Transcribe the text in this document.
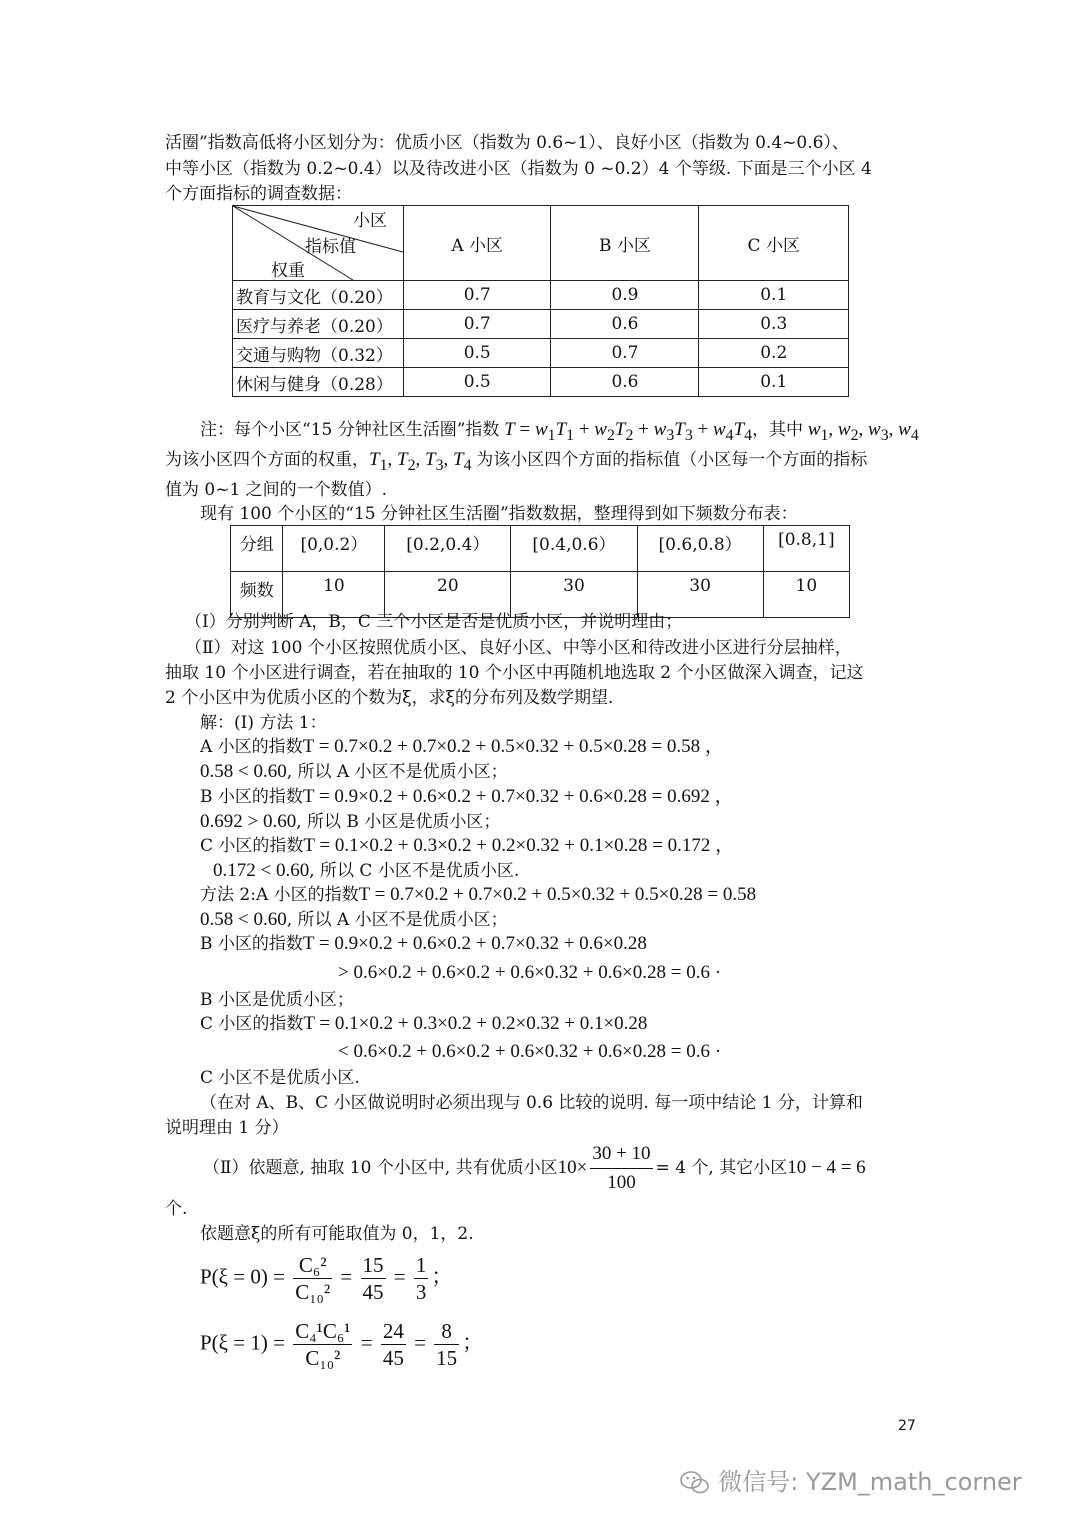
活圈”指数高低将小区划分为：优质小区（指数为 0.6~1）、良好小区（指数为 0.4~0.6）、
中等小区（指数为 0.2~0.4）以及待改进小区（指数为 0 ~0.2）4 个等级. 下面是三个小区 4
个方面指标的调查数据：
小区
指标值
权重	A 小区	B 小区	C 小区
教育与文化（0.20）	0.7	0.9	0.1
医疗与养老（0.20）	0.7	0.6	0.3
交通与购物（0.32）	0.5	0.7	0.2
休闲与健身（0.28）	0.5	0.6	0.1
注：每个小区“15 分钟社区生活圈”指数 $T = w_1T_1 + w_2T_2 + w_3T_3 + w_4T_4$，其中 $w_1$, $w_2$, $w_3$, $w_4$
为该小区四个方面的权重，$T_1$, $T_2$, $T_3$, $T_4$ 为该小区四个方面的指标值（小区每一个方面的指标
值为 0~1 之间的一个数值）.
现有 100 个小区的“15 分钟社区生活圈”指数数据，整理得到如下频数分布表：
分组	[0,0.2）	[0.2,0.4）	[0.4,0.6）	[0.6,0.8）	[0.8,1]
频数	10	20	30	30	10
（Ⅰ）分别判断 A，B，C 三个小区是否是优质小区，并说明理由；
（Ⅱ）对这 100 个小区按照优质小区、良好小区、中等小区和待改进小区进行分层抽样，
抽取 10 个小区进行调查，若在抽取的 10 个小区中再随机地选取 2 个小区做深入调查，记这
2 个小区中为优质小区的个数为ξ，求ξ的分布列及数学期望.
解：(Ⅰ) 方法 1：
A 小区的指数T = 0.7×0.2 + 0.7×0.2 + 0.5×0.32 + 0.5×0.28 = 0.58 ，
0.58 < 0.60, 所以 A 小区不是优质小区；
B 小区的指数T = 0.9×0.2 + 0.6×0.2 + 0.7×0.32 + 0.6×0.28 = 0.692 ，
0.692 > 0.60, 所以 B 小区是优质小区；
C 小区的指数T = 0.1×0.2 + 0.3×0.2 + 0.2×0.32 + 0.1×0.28 = 0.172 ，
0.172 < 0.60, 所以 C 小区不是优质小区.
方法 2:A 小区的指数T = 0.7×0.2 + 0.7×0.2 + 0.5×0.32 + 0.5×0.28 = 0.58
0.58 < 0.60, 所以 A 小区不是优质小区；
B 小区的指数T = 0.9×0.2 + 0.6×0.2 + 0.7×0.32 + 0.6×0.28
> 0.6×0.2 + 0.6×0.2 + 0.6×0.32 + 0.6×0.28 = 0.6 ·
B 小区是优质小区；
C 小区的指数T = 0.1×0.2 + 0.3×0.2 + 0.2×0.32 + 0.1×0.28
< 0.6×0.2 + 0.6×0.2 + 0.6×0.32 + 0.6×0.28 = 0.6 ·
C 小区不是优质小区.
（在对 A、B、C 小区做说明时必须出现与 0.6 比较的说明. 每一项中结论 1 分，计算和
说明理由 1 分）
（Ⅱ）依题意, 抽取 10 个小区中, 共有优质小区$10\times \frac{30 + 10}{100} = 4$ 个, 其它小区10 − 4 = 6
个.
依题意ξ的所有可能取值为 0，1，2.
$P(\xi = 0) = \frac{\text{C₆²}}{\text{C₁₀²}} = \frac{15}{45} = \frac{1}{3}$ ；
$P(\xi = 1) = \frac{\text{C₄¹C₆¹}}{\text{C₁₀²}} = \frac{24}{45} = \frac{8}{15}$ ；
27
微信号: YZM_math_corner
